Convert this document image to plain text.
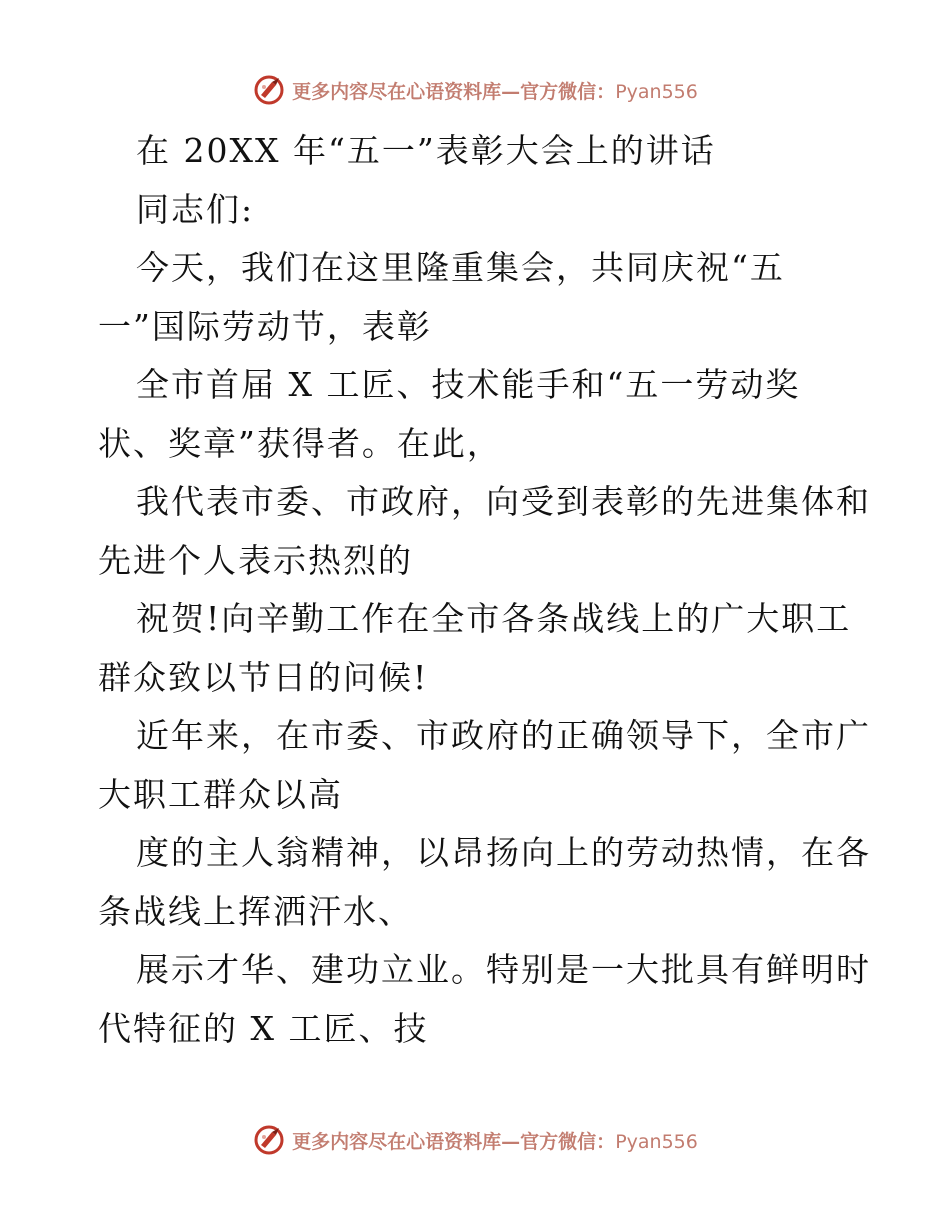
更多内容尽在心语资料库—官方微信：Pyan556
在 20XX 年“五一”表彰大会上的讲话
同志们:
今天，我们在这里隆重集会，共同庆祝“五
一”国际劳动节，表彰
全市首届 X 工匠、技术能手和“五一劳动奖
状、奖章”获得者。在此，
我代表市委、市政府，向受到表彰的先进集体和
先进个人表示热烈的
祝贺!向辛勤工作在全市各条战线上的广大职工
群众致以节日的问候!
近年来，在市委、市政府的正确领导下，全市广
大职工群众以高
度的主人翁精神，以昂扬向上的劳动热情，在各
条战线上挥洒汗水、
展示才华、建功立业。特别是一大批具有鲜明时
代特征的 X 工匠、技
更多内容尽在心语资料库—官方微信：Pyan556
